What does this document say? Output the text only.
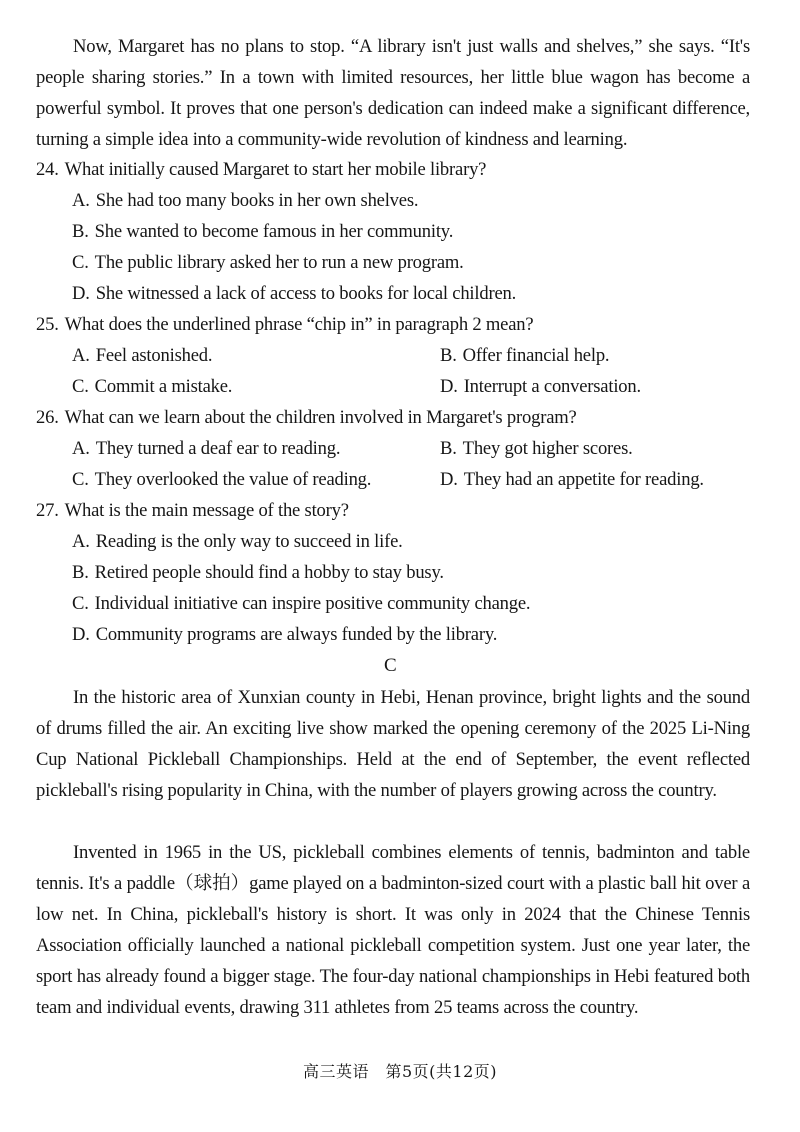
Now, Margaret has no plans to stop. “A library isn't just walls and shelves,” she says. “It's people sharing stories.” In a town with limited resources, her little blue wagon has become a powerful symbol. It proves that one person's dedication can indeed make a significant difference, turning a simple idea into a community-wide revolution of kindness and learning.

24. What initially caused Margaret to start her mobile library?
A. She had too many books in her own shelves.
B. She wanted to become famous in her community.
C. The public library asked her to run a new program.
D. She witnessed a lack of access to books for local children.
25. What does the underlined phrase “chip in” in paragraph 2 mean?
A. Feel astonished.	B. Offer financial help.
C. Commit a mistake.	D. Interrupt a conversation.
26. What can we learn about the children involved in Margaret's program?
A. They turned a deaf ear to reading.	B. They got higher scores.
C. They overlooked the value of reading.	D. They had an appetite for reading.
27. What is the main message of the story?
A. Reading is the only way to succeed in life.
B. Retired people should find a hobby to stay busy.
C. Individual initiative can inspire positive community change.
D. Community programs are always funded by the library.
C

In the historic area of Xunxian county in Hebi, Henan province, bright lights and the sound of drums filled the air. An exciting live show marked the opening ceremony of the 2025 Li-Ning Cup National Pickleball Championships. Held at the end of September, the event reflected pickleball's rising popularity in China, with the number of players growing across the country.

Invented in 1965 in the US, pickleball combines elements of tennis, badminton and table tennis. It's a paddle（球拍）game played on a badminton-sized court with a plastic ball hit over a low net. In China, pickleball's history is short. It was only in 2024 that the Chinese Tennis Association officially launched a national pickleball competition system. Just one year later, the sport has already found a bigger stage. The four-day national championships in Hebi featured both team and individual events, drawing 311 athletes from 25 teams across the country.

高三英语　第5页(共12页)
